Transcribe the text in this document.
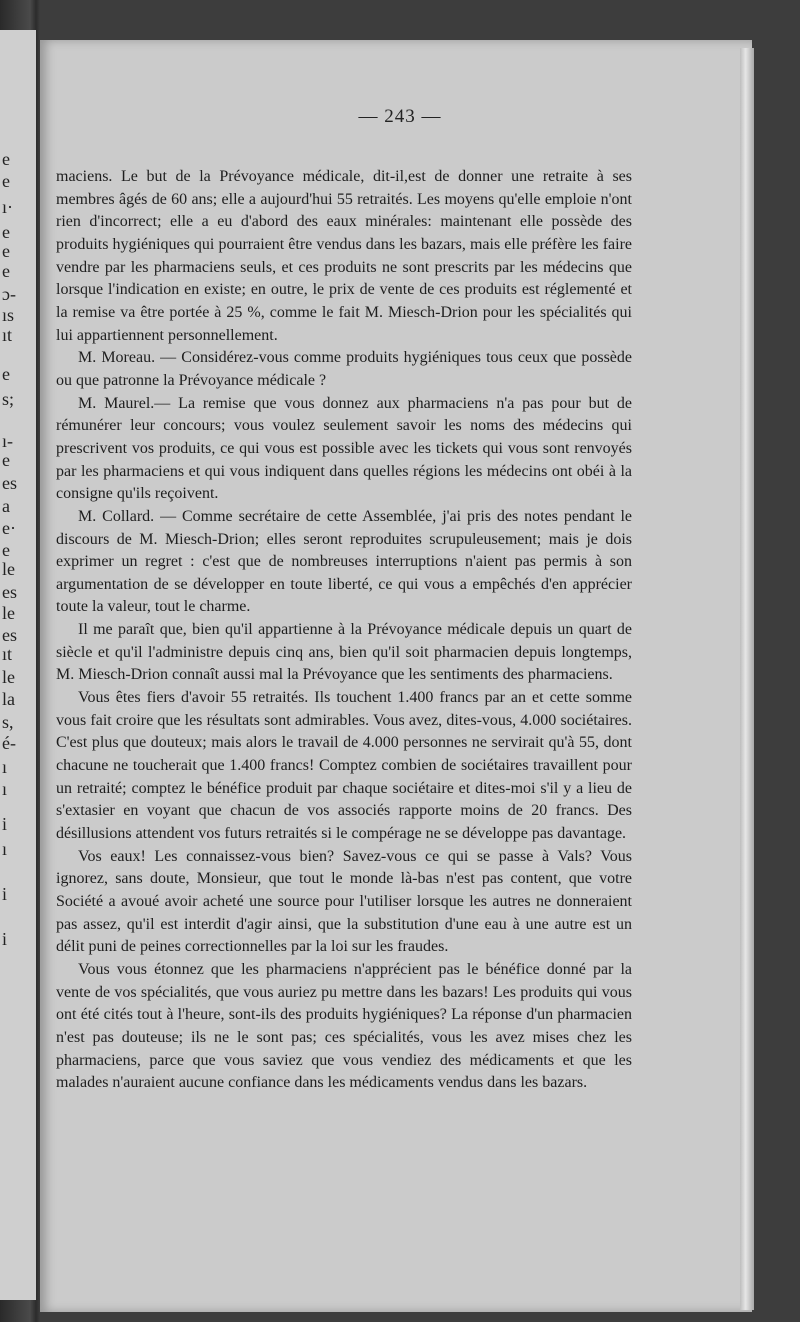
e
e
ı·
e
e
e
ɔ-
ıs
ıt
e
s;
ı-
e
es
a
e·
e
le
es
le
es
ıt
le
la
s,
é-
ı
ı
i
ı
i
i
— 243 —

maciens. Le but de la Prévoyance médicale, dit-il,est de donner une retraite à ses membres âgés de 60 ans; elle a aujourd'hui 55 retraités. Les moyens qu'elle emploie n'ont rien d'incorrect; elle a eu d'abord des eaux minérales: maintenant elle possède des produits hygiéniques qui pourraient être vendus dans les bazars, mais elle préfère les faire vendre par les pharmaciens seuls, et ces produits ne sont prescrits par les médecins que lorsque l'indication en existe; en outre, le prix de vente de ces produits est réglementé et la remise va être portée à 25 %, comme le fait M. Miesch-Drion pour les spécialités qui lui appartiennent personnellement.

M. Moreau. — Considérez-vous comme produits hygiéniques tous ceux que possède ou que patronne la Prévoyance médicale ?

M. Maurel.— La remise que vous donnez aux pharmaciens n'a pas pour but de rémunérer leur concours; vous voulez seulement savoir les noms des médecins qui prescrivent vos produits, ce qui vous est possible avec les tickets qui vous sont renvoyés par les pharmaciens et qui vous indiquent dans quelles régions les médecins ont obéi à la consigne qu'ils reçoivent.

M. Collard. — Comme secrétaire de cette Assemblée, j'ai pris des notes pendant le discours de M. Miesch-Drion; elles seront reproduites scrupuleusement; mais je dois exprimer un regret : c'est que de nombreuses interruptions n'aient pas permis à son argumentation de se développer en toute liberté, ce qui vous a empêchés d'en apprécier toute la valeur, tout le charme.

Il me paraît que, bien qu'il appartienne à la Prévoyance médicale depuis un quart de siècle et qu'il l'administre depuis cinq ans, bien qu'il soit pharmacien depuis longtemps, M. Miesch-Drion connaît aussi mal la Prévoyance que les sentiments des pharmaciens.

Vous êtes fiers d'avoir 55 retraités. Ils touchent 1.400 francs par an et cette somme vous fait croire que les résultats sont admirables. Vous avez, dites-vous, 4.000 sociétaires. C'est plus que douteux; mais alors le travail de 4.000 personnes ne servirait qu'à 55, dont chacune ne toucherait que 1.400 francs! Comptez combien de sociétaires travaillent pour un retraité; comptez le bénéfice produit par chaque sociétaire et dites-moi s'il y a lieu de s'extasier en voyant que chacun de vos associés rapporte moins de 20 francs. Des désillusions attendent vos futurs retraités si le compérage ne se développe pas davantage.

Vos eaux! Les connaissez-vous bien? Savez-vous ce qui se passe à Vals? Vous ignorez, sans doute, Monsieur, que tout le monde là-bas n'est pas content, que votre Société a avoué avoir acheté une source pour l'utiliser lorsque les autres ne donneraient pas assez, qu'il est interdit d'agir ainsi, que la substitution d'une eau à une autre est un délit puni de peines correctionnelles par la loi sur les fraudes.

Vous vous étonnez que les pharmaciens n'apprécient pas le bénéfice donné par la vente de vos spécialités, que vous auriez pu mettre dans les bazars! Les produits qui vous ont été cités tout à l'heure, sont-ils des produits hygiéniques? La réponse d'un pharmacien n'est pas douteuse; ils ne le sont pas; ces spécialités, vous les avez mises chez les pharmaciens, parce que vous saviez que vous vendiez des médicaments et que les malades n'auraient aucune confiance dans les médicaments vendus dans les bazars.
